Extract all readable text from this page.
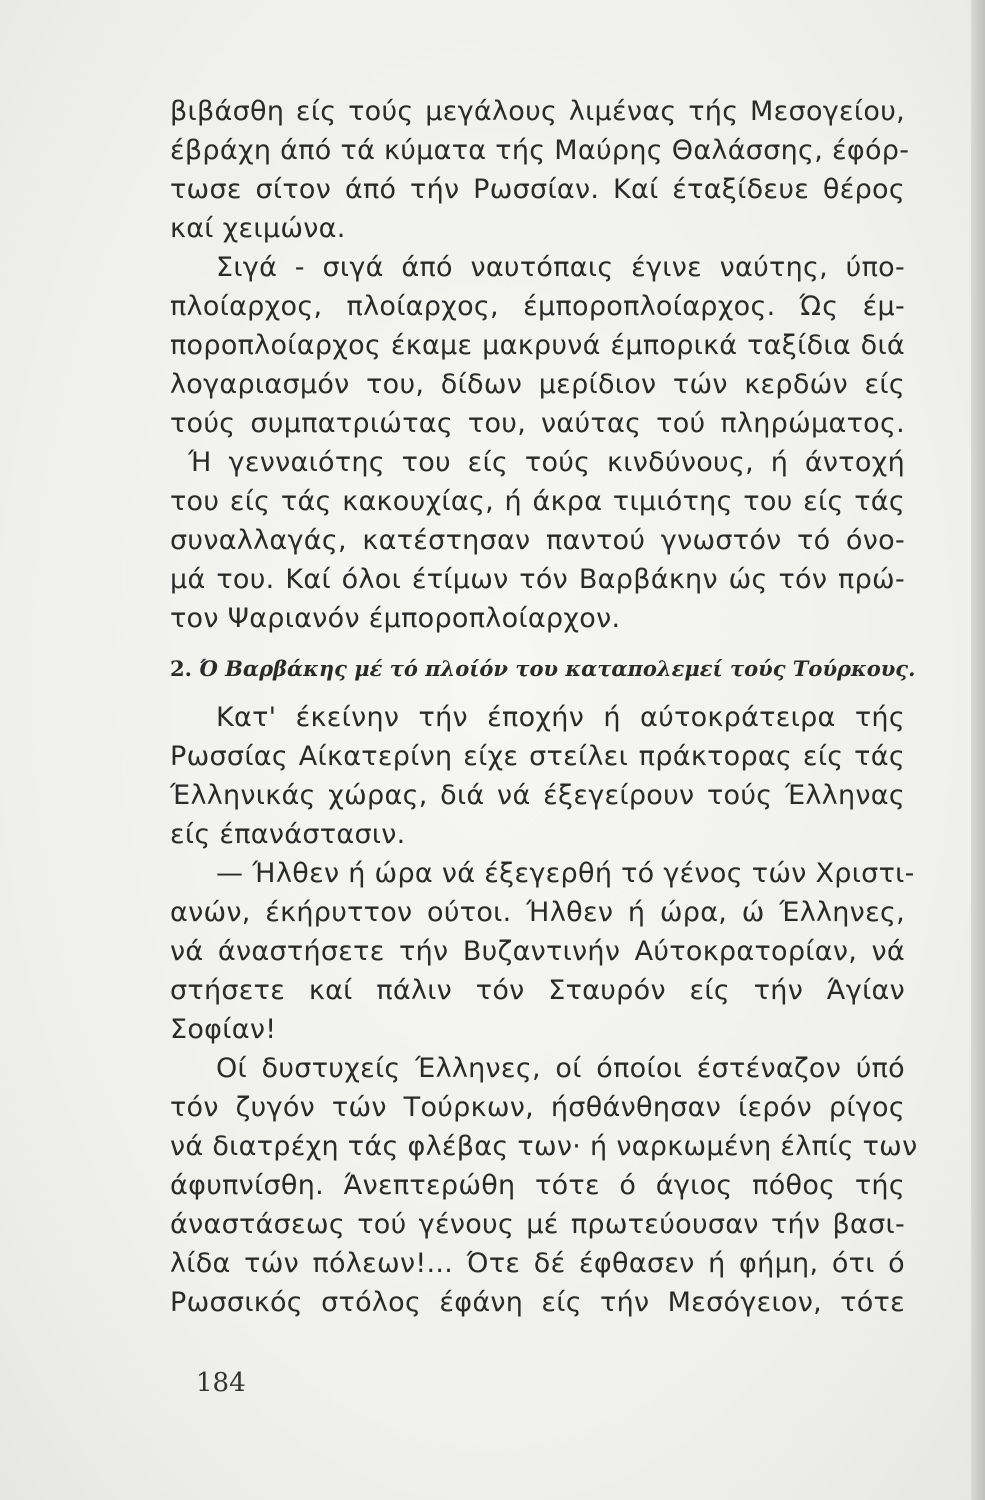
βιβάσθη είς τούς μεγάλους λιμένας τής Μεσογείου,
έβράχη άπό τά κύματα τής Μαύρης Θαλάσσης, έφόρ-
τωσε σίτον άπό τήν Ρωσσίαν. Καί έταξίδευε θέρος
καί χειμώνα.
Σιγά - σιγά άπό ναυτόπαις έγινε ναύτης, ύπο-
πλοίαρχος, πλοίαρχος, έμποροπλοίαρχος. Ώς έμ-
ποροπλοίαρχος έκαμε μακρυνά έμπορικά ταξίδια διά
λογαριασμόν του, δίδων μερίδιον τών κερδών είς
τούς συμπατριώτας του, ναύτας τού πληρώματος.
Ή γενναιότης του είς τούς κινδύνους, ή άντοχή
του είς τάς κακουχίας, ή άκρα τιμιότης του είς τάς
συναλλαγάς, κατέστησαν παντού γνωστόν τό όνο-
μά του. Καί όλοι έτίμων τόν Βαρβάκην ώς τόν πρώ-
τον Ψαριανόν έμποροπλοίαρχον.
2. Ό Βαρβάκης μέ τό πλοίόν του καταπολεμεί τούς Τούρκους.
Κατ' έκείνην τήν έποχήν ή αύτοκράτειρα τής
Ρωσσίας Αίκατερίνη είχε στείλει πράκτορας είς τάς
Έλληνικάς χώρας, διά νά έξεγείρουν τούς Έλληνας
είς έπανάστασιν.
— Ήλθεν ή ώρα νά έξεγερθή τό γένος τών Χριστι-
ανών, έκήρυττον ούτοι. Ήλθεν ή ώρα, ώ Έλληνες,
νά άναστήσετε τήν Βυζαντινήν Αύτοκρατορίαν, νά
στήσετε καί πάλιν τόν Σταυρόν είς τήν Άγίαν
Σοφίαν!
Οί δυστυχείς Έλληνες, οί όποίοι έστέναζον ύπό
τόν ζυγόν τών Τούρκων, ήσθάνθησαν ίερόν ρίγος
νά διατρέχη τάς φλέβας των· ή ναρκωμένη έλπίς των
άφυπνίσθη. Άνεπτερώθη τότε ό άγιος πόθος τής
άναστάσεως τού γένους μέ πρωτεύουσαν τήν βασι-
λίδα τών πόλεων!... Ότε δέ έφθασεν ή φήμη, ότι ό
Ρωσσικός στόλος έφάνη είς τήν Μεσόγειον, τότε
184
